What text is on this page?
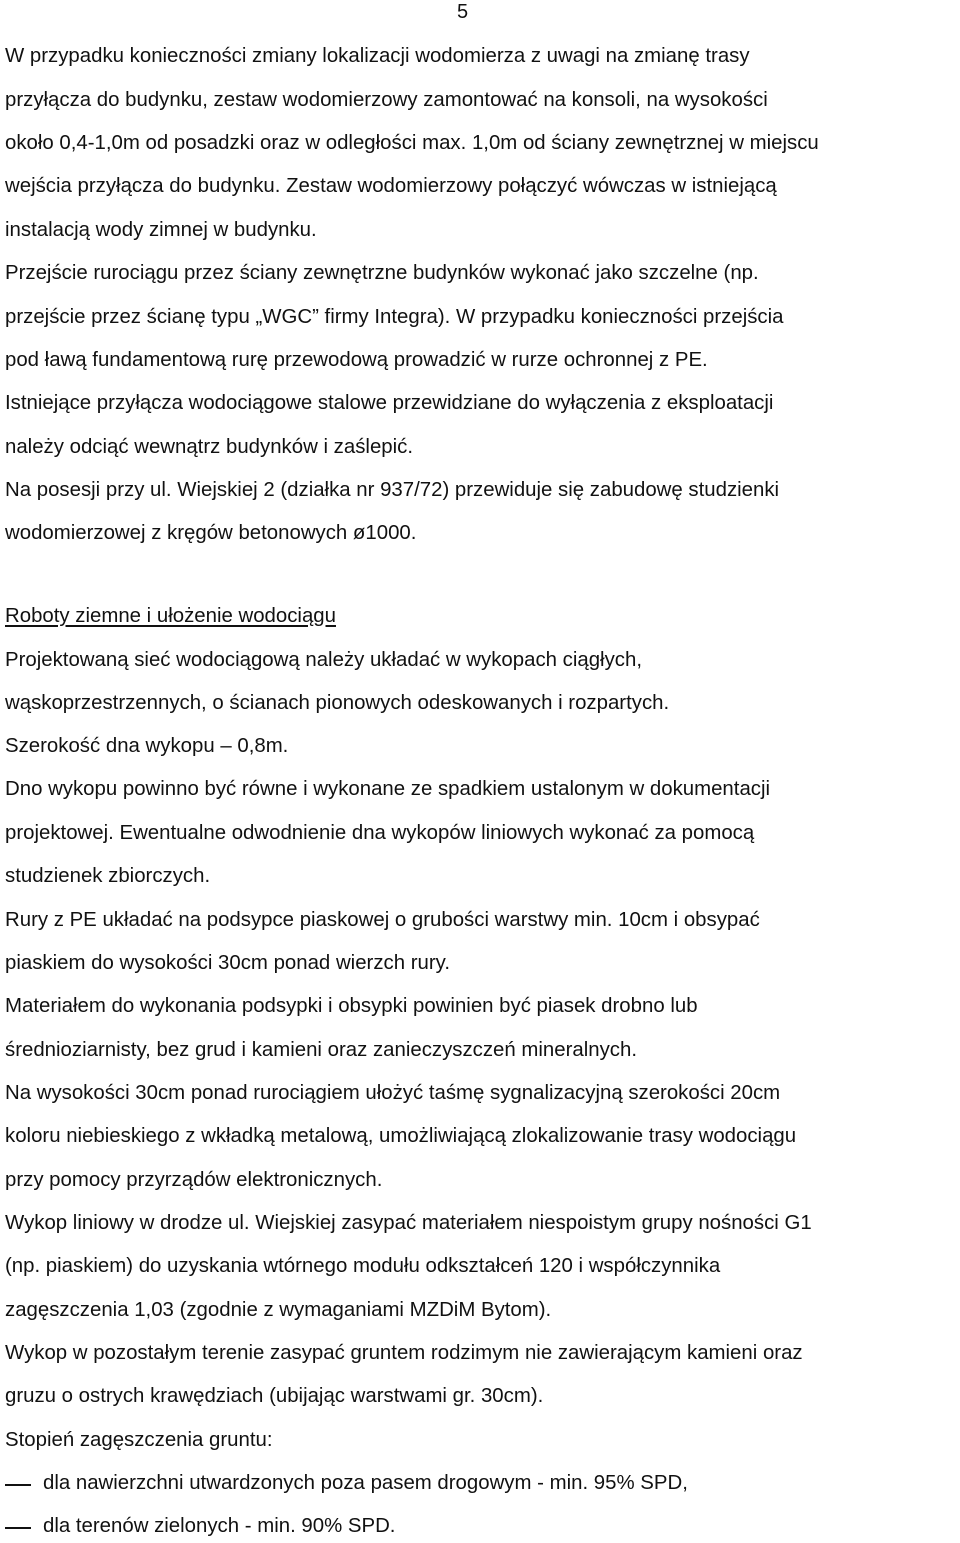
5
W przypadku konieczności zmiany lokalizacji wodomierza z uwagi na zmianę trasy
przyłącza do budynku, zestaw wodomierzowy zamontować na konsoli, na wysokości
około 0,4-1,0m od posadzki oraz w odległości max. 1,0m od ściany zewnętrznej w miejscu
wejścia przyłącza do budynku. Zestaw wodomierzowy połączyć wówczas w istniejącą
instalacją wody zimnej w budynku.
Przejście rurociągu przez ściany zewnętrzne budynków wykonać jako szczelne (np.
przejście przez ścianę typu „WGC” firmy Integra). W przypadku konieczności przejścia
pod ławą fundamentową rurę przewodową prowadzić w rurze ochronnej z PE.
Istniejące przyłącza wodociągowe stalowe przewidziane do wyłączenia z eksploatacji
należy odciąć wewnątrz budynków i zaślepić.
Na posesji przy ul. Wiejskiej 2 (działka nr 937/72) przewiduje się zabudowę studzienki
wodomierzowej z kręgów betonowych ø1000.
Roboty ziemne i ułożenie wodociągu
Projektowaną sieć wodociągową należy układać w wykopach ciągłych,
wąskoprzestrzennych, o ścianach pionowych odeskowanych i rozpartych.
Szerokość dna wykopu – 0,8m.
Dno wykopu powinno być równe i wykonane ze spadkiem ustalonym w dokumentacji
projektowej. Ewentualne odwodnienie dna wykopów liniowych wykonać za pomocą
studzienek zbiorczych.
Rury z PE układać na podsypce piaskowej o grubości warstwy min. 10cm i obsypać
piaskiem do wysokości 30cm ponad wierzch rury.
Materiałem do wykonania podsypki i obsypki powinien być piasek drobno lub
średnioziarnisty, bez grud i kamieni oraz zanieczyszczeń mineralnych.
Na wysokości 30cm ponad rurociągiem ułożyć taśmę sygnalizacyjną szerokości 20cm
koloru niebieskiego z wkładką metalową, umożliwiającą zlokalizowanie trasy wodociągu
przy pomocy przyrządów elektronicznych.
Wykop liniowy w drodze ul. Wiejskiej zasypać materiałem niespoistym grupy nośności G1
(np. piaskiem) do uzyskania wtórnego modułu odkształceń 120 i współczynnika
zagęszczenia 1,03 (zgodnie z wymaganiami MZDiM Bytom).
Wykop w pozostałym terenie zasypać gruntem rodzimym nie zawierającym kamieni oraz
gruzu o ostrych krawędziach (ubijając warstwami gr. 30cm).
Stopień zagęszczenia gruntu:
dla nawierzchni utwardzonych poza pasem drogowym - min. 95% SPD,
dla terenów zielonych - min. 90% SPD.
